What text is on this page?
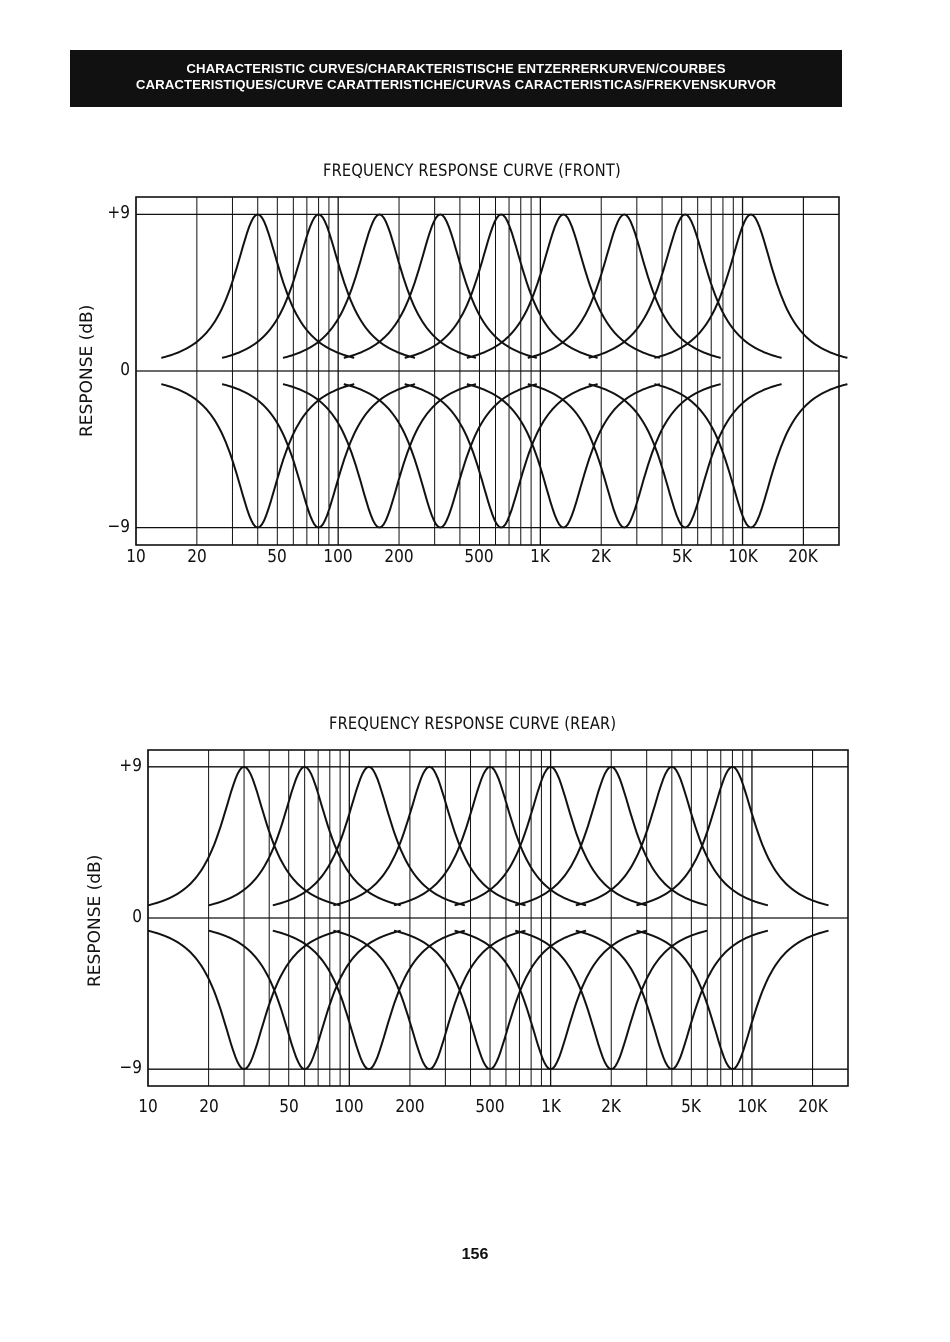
CHARACTERISTIC CURVES/CHARAKTERISTISCHE ENTZERRERKURVEN/COURBES
CARACTERISTIQUES/CURVE CARATTERISTICHE/CURVAS CARACTERISTICAS/FREKVENSKURVOR
FREQUENCY RESPONSE CURVE (FRONT)
RESPONSE (dB)
+9
0
−9
10 20	50 100 200	500 1K 2K	5K 10K 20K
FREQUENCY RESPONSE CURVE (REAR)
RESPONSE (dB)
+9
0
−9
10 20	50 100 200	500 1K 2K	5K 10K 20K
156
